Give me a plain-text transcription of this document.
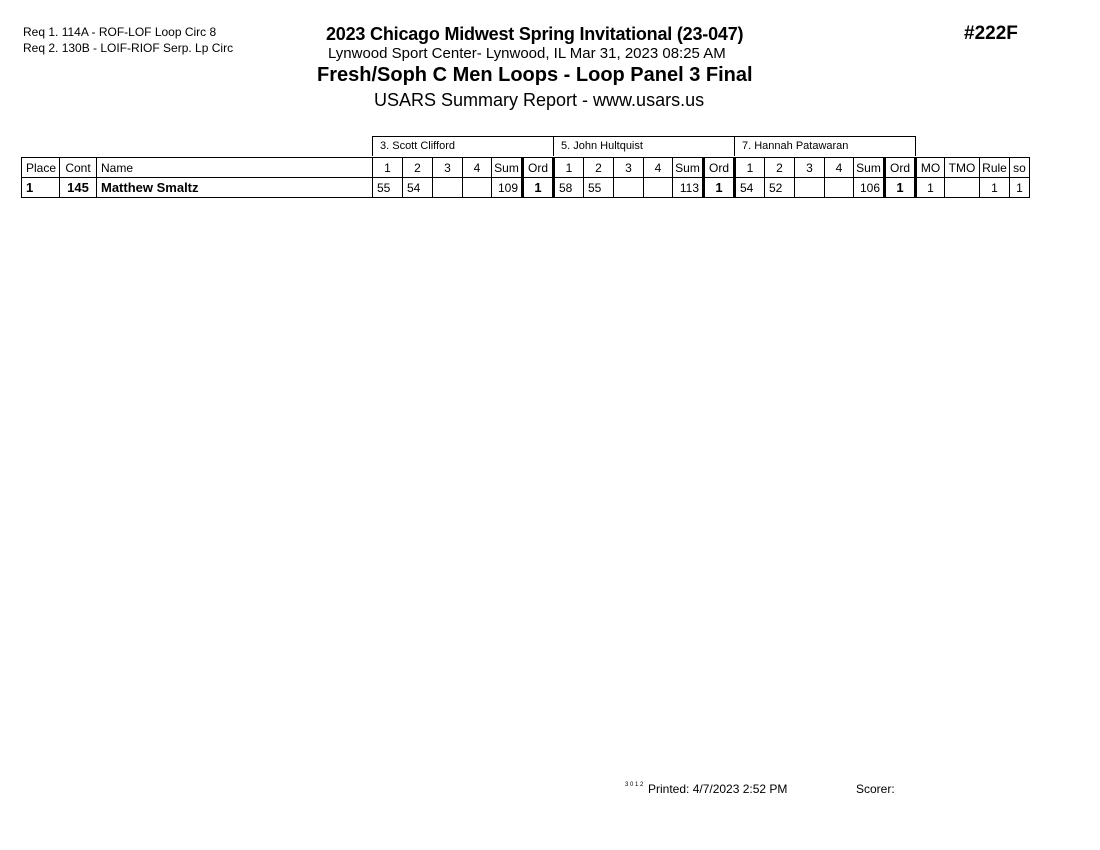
Req 1. 114A - ROF-LOF Loop Circ 8
Req 2. 130B - LOIF-RIOF Serp. Lp Circ
2023 Chicago Midwest Spring Invitational (23-047)
Lynwood Sport Center- Lynwood, IL Mar 31, 2023 08:25 AM
Fresh/Soph C Men Loops - Loop Panel 3 Final
USARS Summary Report - www.usars.us
#222F
3. Scott Clifford	5. John Hultquist	7. Hannah Patawaran
Place	Cont	Name	1	2	3	4	Sum	Ord	1	2	3	4	Sum	Ord	1	2	3	4	Sum	Ord	MO	TMO	Rule	so
1	145	Matthew Smaltz	55	54			109	1	58	55			113	1	54	52			106	1	1		1	1
3 0 1 2 Printed: 4/7/2023 2:52 PM	Scorer:
